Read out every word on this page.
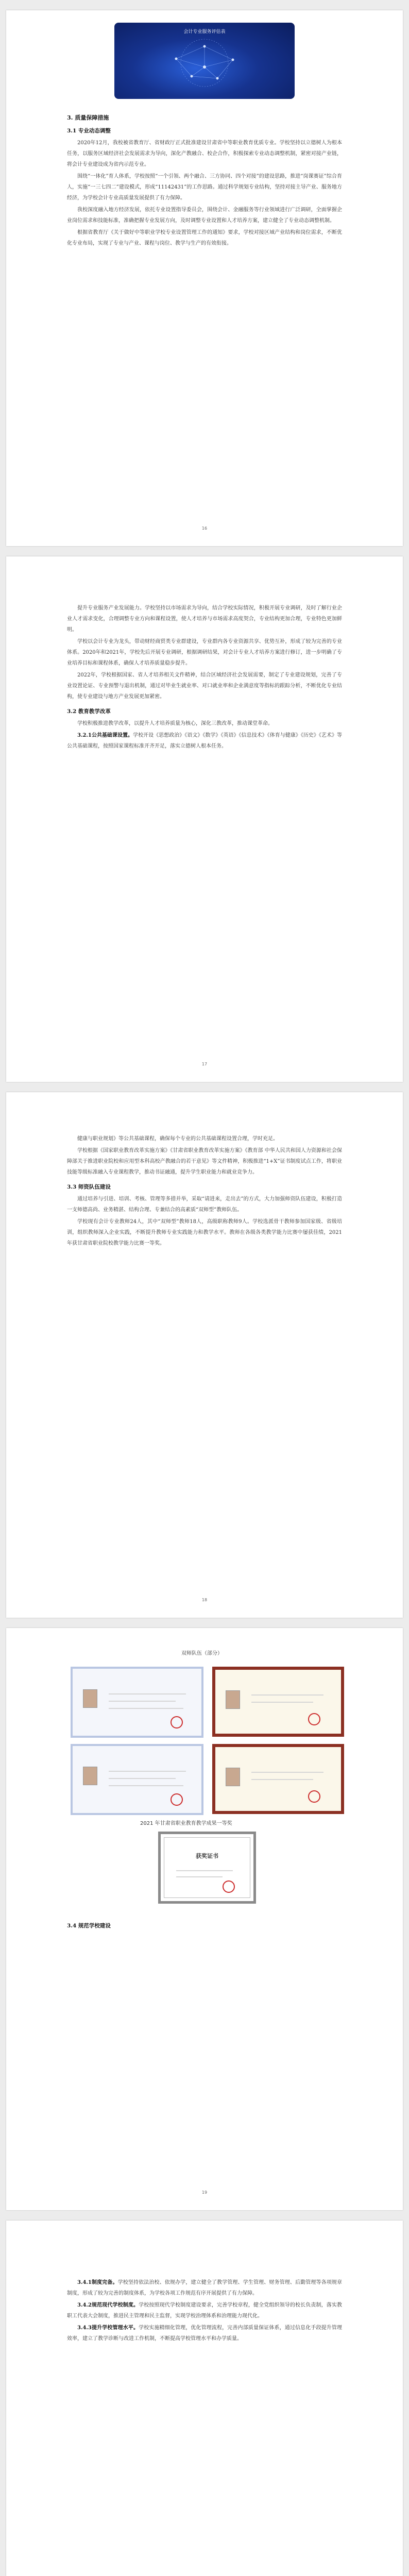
会计专业服务评估表
3. 质量保障措施
3.1 专业动态调整

2020年12月，我校被省教育厅、省财政厅正式批准建设甘肃省中等职业教育优质专业。学校坚持以立德树人为根本任务，以服务区域经济社会发展需求为导向，深化产教融合、校企合作，积极探索专业动态调整机制，紧密对接产业链，将会计专业建设成为省内示范专业。

围绕“一体化”育人体系，学校按照“一个引领、两个融合、三方协同、四个对接”的建设思路，推进“岗课赛证”综合育人，实施“一三七四二”建设模式，形成“11142431”的工作思路。通过科学规划专业结构，坚持对接主导产业、服务地方经济，为学校会计专业高质量发展提供了有力保障。

我校深度融入地方经济发展，依托专业设置指导委员会，围绕会计、金融服务等行业领域进行广泛调研，全面掌握企业岗位需求和技能标准，准确把握专业发展方向，及时调整专业设置和人才培养方案，建立健全了专业动态调整机制。

根据省教育厅《关于做好中等职业学校专业设置管理工作的通知》要求，学校对接区域产业结构和岗位需求，不断优化专业布局，实现了专业与产业、课程与岗位、教学与生产的有效衔接。

16

提升专业服务产业发展能力。学校坚持以市场需求为导向，结合学校实际情况，积极开展专业调研，及时了解行业企业人才需求变化，合理调整专业方向和课程设置，使人才培养与市场需求高度契合，专业结构更加合理，专业特色更加鲜明。

学校以会计专业为龙头，带动财经商贸类专业群建设，专业群内各专业资源共享、优势互补，形成了较为完善的专业体系。2020年和2021年，学校先后开展专业调研，根据调研结果，对会计专业人才培养方案进行修订，进一步明确了专业培养目标和课程体系，确保人才培养质量稳步提升。

2022年，学校根据国家、省人才培养相关文件精神，结合区域经济社会发展需要，制定了专业建设规划，完善了专业设置论证、专业预警与退出机制，通过对毕业生就业率、对口就业率和企业满意度等指标的跟踪分析，不断优化专业结构，使专业建设与地方产业发展更加紧密。

3.2 教育教学改革

学校积极推进教学改革，以提升人才培养质量为核心，深化三教改革，推动课堂革命。

3.2.1公共基础课设置。学校开设《思想政治》《语文》《数学》《英语》《信息技术》《体育与健康》《历史》《艺术》等公共基础课程，按照国家课程标准开齐开足，落实立德树人根本任务。

17

健康与职业规划》等公共基础课程，确保每个专业的公共基础课程设置合理，学时充足。

学校根据《国家职业教育改革实施方案》《甘肃省职业教育改革实施方案》《教育部 中华人民共和国人力资源和社会保障部关于推进职业院校和应用型本科高校产教融合的若干意见》等文件精神，积极推进“1+X”证书制度试点工作，将职业技能等级标准融入专业课程教学，推动书证融通，提升学生职业能力和就业竞争力。

3.3 师资队伍建设

通过培养与引进、培训、考核、管理等多措并举，采取“请进来，走出去”的方式，大力加强师资队伍建设，积极打造一支师德高尚、业务精湛、结构合理、专兼结合的高素质“双师型”教师队伍。

学校现有会计专业教师24人，其中“双师型”教师18人，高级职称教师9人。学校选派骨干教师参加国家级、省级培训，组织教师深入企业实践，不断提升教师专业实践能力和教学水平。教师在各级各类教学能力比赛中屡获佳绩，2021年获甘肃省职业院校教学能力比赛一等奖。

18
双师队伍（部分）
2021 年甘肃省职业教育教学成果一等奖
获奖证书
3.4 规范学校建设
19

3.4.1制度完备。学校坚持依法治校、依规办学，建立健全了教学管理、学生管理、财务管理、后勤管理等各项规章制度，形成了较为完善的制度体系，为学校各项工作规范有序开展提供了有力保障。

3.4.2规范现代学校制度。学校按照现代学校制度建设要求，完善学校章程，健全党组织领导的校长负责制，落实教职工代表大会制度，推进民主管理和民主监督，实现学校治理体系和治理能力现代化。

3.4.3提升学校管理水平。学校实施精细化管理，优化管理流程，完善内部质量保证体系，通过信息化手段提升管理效率，建立了教学诊断与改进工作机制，不断提高学校管理水平和办学质量。
